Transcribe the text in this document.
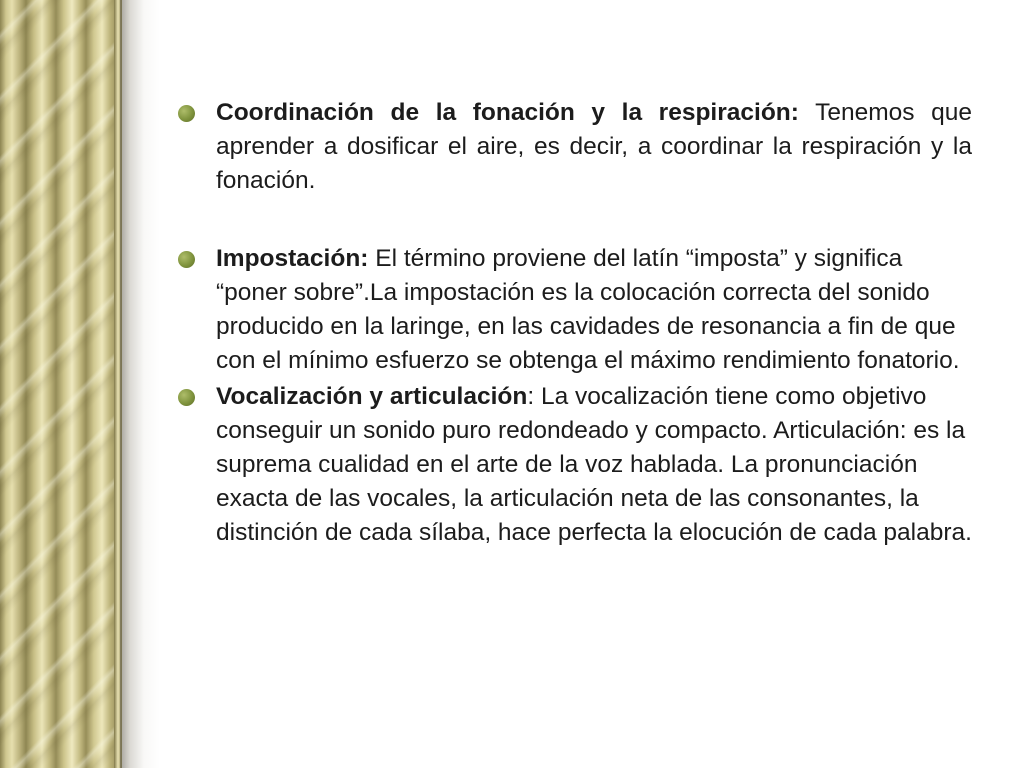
Coordinación de la fonación y la respiración: Tenemos que aprender a dosificar el aire, es decir, a coordinar la respiración y la fonación.
Impostación: El término proviene del latín “imposta” y significa “poner sobre”.La impostación es la colocación correcta del sonido producido en la laringe, en las cavidades de resonancia a fin de que con el mínimo esfuerzo se obtenga el máximo rendimiento fonatorio.
Vocalización y articulación: La vocalización tiene como objetivo conseguir un sonido puro redondeado y compacto. Articulación: es la suprema cualidad en el arte de la voz hablada. La pronunciación exacta de las vocales, la articulación neta de las consonantes, la distinción de cada sílaba, hace perfecta la elocución de cada palabra.
